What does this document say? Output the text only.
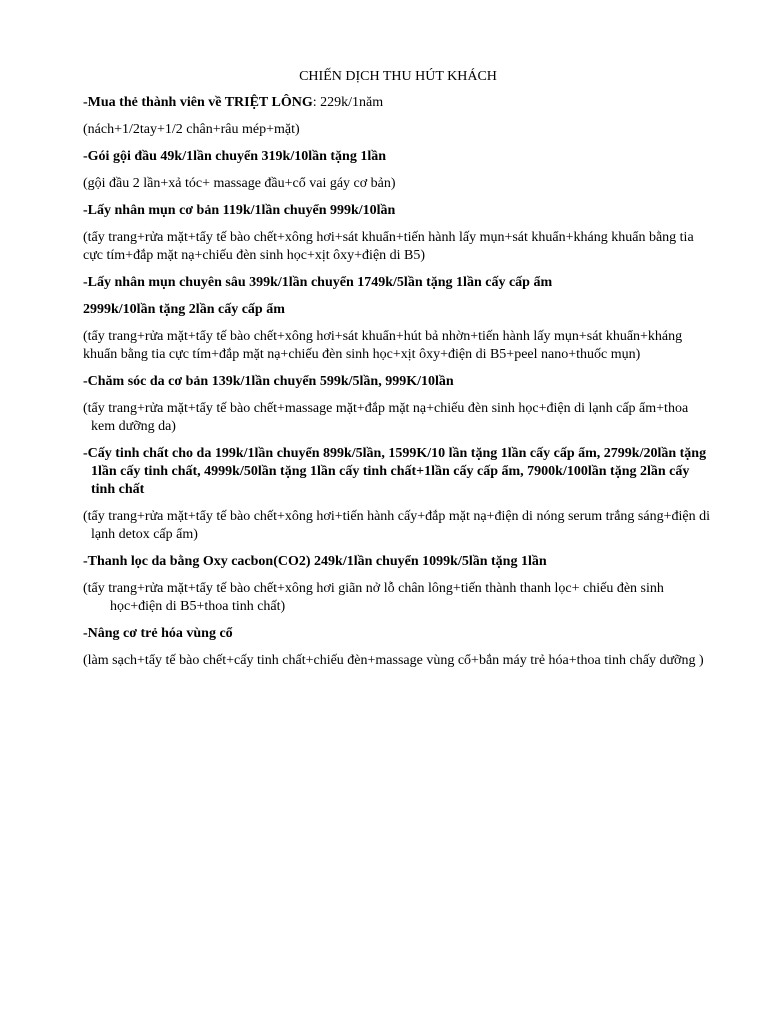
CHIẾN DỊCH THU HÚT KHÁCH

-Mua thẻ thành viên về TRIỆT LÔNG: 229k/1năm

(nách+1/2tay+1/2 chân+râu mép+mặt)

-Gói gội đầu 49k/1lần chuyển 319k/10lần tặng 1lần

(gội đầu 2 lần+xả tóc+ massage đầu+cổ vai gáy cơ bản)

-Lấy nhân mụn cơ bản 119k/1lần chuyển 999k/10lần

(tẩy trang+rửa mặt+tẩy tế bào chết+xông hơi+sát khuẩn+tiến hành lấy mụn+sát khuẩn+kháng khuẩn bằng tia cực tím+đắp mặt nạ+chiếu đèn sinh học+xịt ôxy+điện di B5)

-Lấy nhân mụn chuyên sâu 399k/1lần chuyển 1749k/5lần tặng 1lần cấy cấp ẩm

2999k/10lần tặng 2lần cấy cấp ẩm

(tẩy trang+rửa mặt+tẩy tế bào chết+xông hơi+sát khuẩn+hút bả nhờn+tiến hành lấy mụn+sát khuẩn+kháng khuẩn bằng tia cực tím+đắp mặt nạ+chiếu đèn sinh học+xịt ôxy+điện di B5+peel nano+thuốc mụn)

-Chăm sóc da cơ bản 139k/1lần chuyển 599k/5lần, 999K/10lần

(tẩy trang+rửa mặt+tẩy tế bào chết+massage mặt+đắp mặt nạ+chiếu đèn sinh học+điện di lạnh cấp ẩm+thoa kem dưỡng da)

-Cấy tinh chất cho da 199k/1lần chuyển 899k/5lần, 1599K/10 lần tặng 1lần cấy cấp ẩm, 2799k/20lần tặng 1lần cấy tinh chất, 4999k/50lần tặng 1lần cấy tinh chất+1lần cấy cấp ẩm, 7900k/100lần tặng 2lần cấy tinh chất

(tẩy trang+rửa mặt+tẩy tế bào chết+xông hơi+tiến hành cấy+đắp mặt nạ+điện di nóng serum trắng sáng+điện di lạnh detox cấp ẩm)

-Thanh lọc da bằng Oxy cacbon(CO2) 249k/1lần chuyển 1099k/5lần tặng 1lần

(tẩy trang+rửa mặt+tẩy tế bào chết+xông hơi giãn nở lỗ chân lông+tiến thành thanh lọc+ chiếu đèn sinh học+điện di B5+thoa tinh chất)

-Nâng cơ trẻ hóa vùng cổ

(làm sạch+tẩy tế bào chết+cấy tinh chất+chiếu đèn+massage vùng cổ+bắn máy trẻ hóa+thoa tinh chấy dưỡng )
